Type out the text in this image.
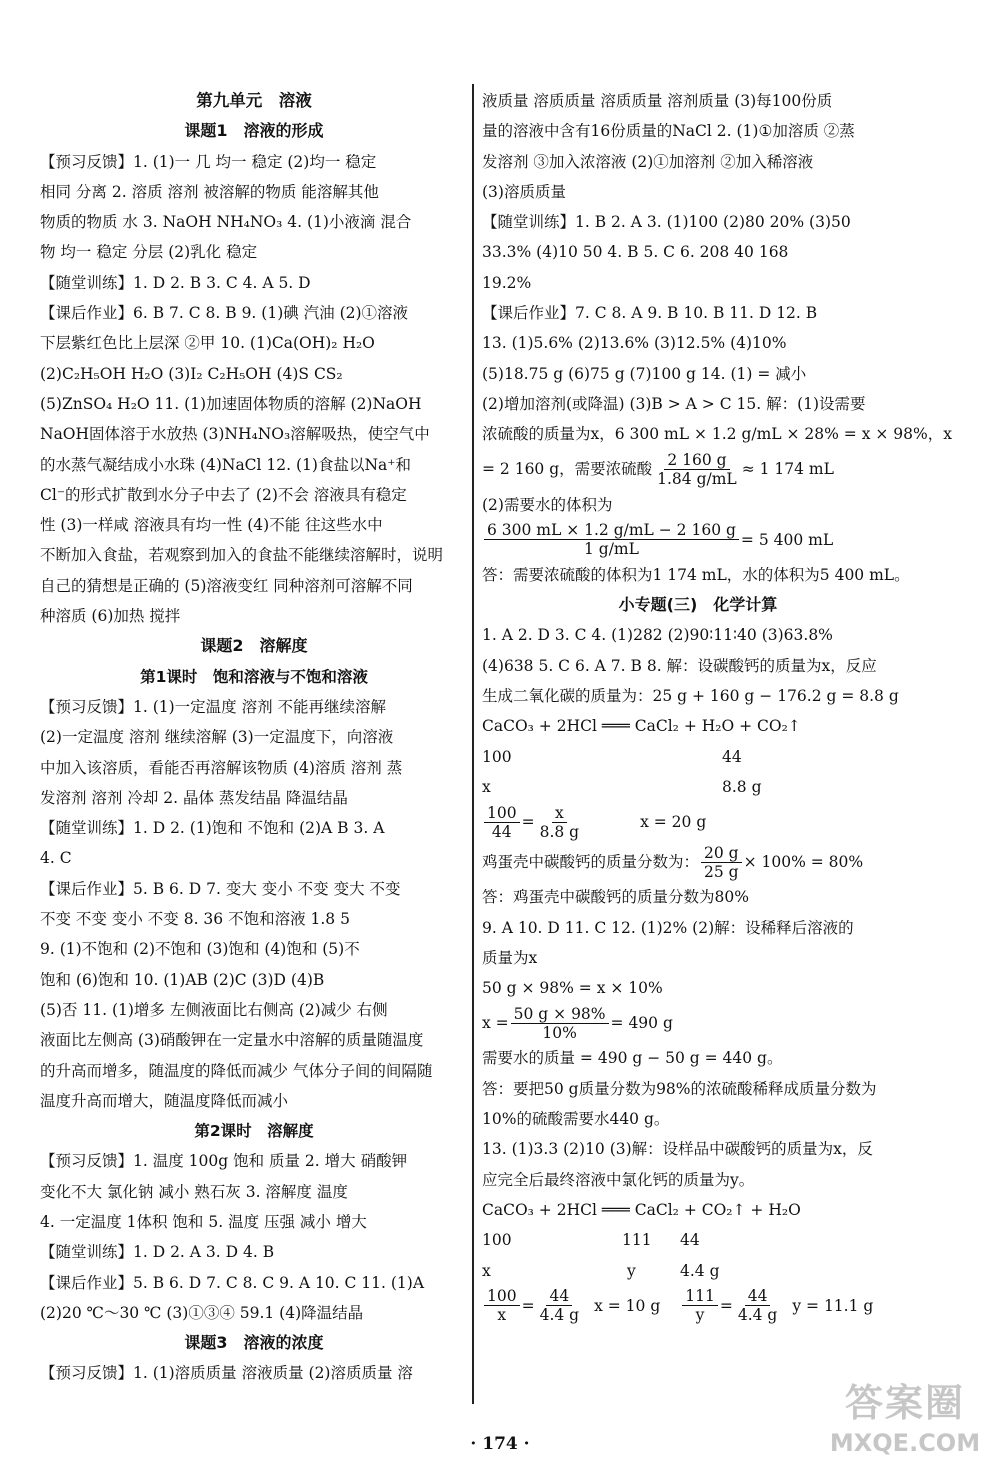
第九单元　溶液
课题1　溶液的形成
【预习反馈】1. (1)一 几 均一 稳定 (2)均一 稳定
相同 分离 2. 溶质 溶剂 被溶解的物质 能溶解其他
物质的物质 水 3. NaOH NH₄NO₃ 4. (1)小液滴 混合
物 均一 稳定 分层 (2)乳化 稳定
【随堂训练】1. D 2. B 3. C 4. A 5. D
【课后作业】6. B 7. C 8. B 9. (1)碘 汽油 (2)①溶液
下层紫红色比上层深 ②甲 10. (1)Ca(OH)₂ H₂O
(2)C₂H₅OH H₂O (3)I₂ C₂H₅OH (4)S CS₂
(5)ZnSO₄ H₂O 11. (1)加速固体物质的溶解 (2)NaOH
NaOH固体溶于水放热 (3)NH₄NO₃溶解吸热，使空气中
的水蒸气凝结成小水珠 (4)NaCl 12. (1)食盐以Na⁺和
Cl⁻的形式扩散到水分子中去了 (2)不会 溶液具有稳定
性 (3)一样咸 溶液具有均一性 (4)不能 往这些水中
不断加入食盐，若观察到加入的食盐不能继续溶解时，说明
自己的猜想是正确的 (5)溶液变红 同种溶剂可溶解不同
种溶质 (6)加热 搅拌
课题2　溶解度
第1课时　饱和溶液与不饱和溶液
【预习反馈】1. (1)一定温度 溶剂 不能再继续溶解
(2)一定温度 溶剂 继续溶解 (3)一定温度下，向溶液
中加入该溶质，看能否再溶解该物质 (4)溶质 溶剂 蒸
发溶剂 溶剂 冷却 2. 晶体 蒸发结晶 降温结晶
【随堂训练】1. D 2. (1)饱和 不饱和 (2)A B 3. A
4. C
【课后作业】5. B 6. D 7. 变大 变小 不变 变大 不变
不变 不变 变小 不变 8. 36 不饱和溶液 1.8 5
9. (1)不饱和 (2)不饱和 (3)饱和 (4)饱和 (5)不
饱和 (6)饱和 10. (1)AB (2)C (3)D (4)B
(5)否 11. (1)增多 左侧液面比右侧高 (2)减少 右侧
液面比左侧高 (3)硝酸钾在一定量水中溶解的质量随温度
的升高而增多，随温度的降低而减少 气体分子间的间隔随
温度升高而增大，随温度降低而减小
第2课时　溶解度
【预习反馈】1. 温度 100g 饱和 质量 2. 增大 硝酸钾
变化不大 氯化钠 减小 熟石灰 3. 溶解度 温度
4. 一定温度 1体积 饱和 5. 温度 压强 减小 增大
【随堂训练】1. D 2. A 3. D 4. B
【课后作业】5. B 6. D 7. C 8. C 9. A 10. C 11. (1)A
(2)20 ℃～30 ℃ (3)①③④ 59.1 (4)降温结晶
课题3　溶液的浓度
【预习反馈】1. (1)溶质质量 溶液质量 (2)溶质质量 溶
液质量 溶质质量 溶质质量 溶剂质量 (3)每100份质
量的溶液中含有16份质量的NaCl 2. (1)①加溶质 ②蒸
发溶剂 ③加入浓溶液 (2)①加溶剂 ②加入稀溶液
(3)溶质质量
【随堂训练】1. B 2. A 3. (1)100 (2)80 20% (3)50
33.3% (4)10 50 4. B 5. C 6. 208 40 168
19.2%
【课后作业】7. C 8. A 9. B 10. B 11. D 12. B
13. (1)5.6% (2)13.6% (3)12.5% (4)10%
(5)18.75 g (6)75 g (7)100 g 14. (1) = 减小
(2)增加溶剂(或降温) (3)B > A > C 15. 解：(1)设需要
浓硫酸的质量为x，6 300 mL × 1.2 g/mL × 28% = x × 98%，x
= 2 160 g，需要浓硫酸 $\frac{2 160 g}{1.84 g/mL} \approx 1$ 174 mL
(2)需要水的体积为
$\frac{6 300 mL \times 1.2 g/mL - 2 160 g}{1 g/mL} = 5$ 400 mL
答：需要浓硫酸的体积为1 174 mL，水的体积为5 400 mL。
小专题(三)　化学计算
1. A 2. D 3. C 4. (1)282 (2)90∶11∶40 (3)63.8%
(4)638 5. C 6. A 7. B 8. 解：设碳酸钙的质量为x，反应
生成二氧化碳的质量为：25 g + 160 g − 176.2 g = 8.8 g
CaCO₃ + 2HCl ═══ CaCl₂ + H₂O + CO₂↑
100	44
x	8.8 g
$\frac{100}{44} = \frac{x}{8.8 g}$	x = 20 g
鸡蛋壳中碳酸钙的质量分数为： $\frac{20 g}{25 g} \times 100\% = 80\%$
答：鸡蛋壳中碳酸钙的质量分数为80%
9. A 10. D 11. C 12. (1)2% (2)解：设稀释后溶液的
质量为x
50 g × 98% = x × 10%
$x = \frac{50 g \times 98\%}{10\%} = 490$ g
需要水的质量 = 490 g − 50 g = 440 g。
答：要把50 g质量分数为98%的浓硫酸稀释成质量分数为
10%的硫酸需要水440 g。
13. (1)3.3 (2)10 (3)解：设样品中碳酸钙的质量为x，反
应完全后最终溶液中氯化钙的质量为y。
CaCO₃ + 2HCl ═══ CaCl₂ + CO₂↑ + H₂O
100	111 44
x	y	4.4 g
$\frac{100}{x} = \frac{44}{4.4 g}$ x = 10 g $\frac{111}{y} = \frac{44}{4.4 g}$ y = 11.1 g
· 174 ·
答案圈
MXQE.COM
